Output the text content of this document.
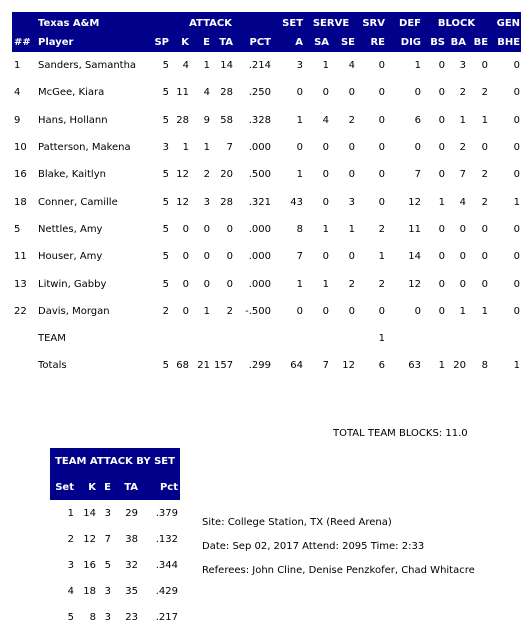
	Texas A&M	ATTACK					SET	SERVE		SRV	DEF	BLOCK			GEN
##	Player	SP	K	E	TA	PCT	A	SA	SE	RE	DIG	BS	BA	BE	BHE
1	Sanders, Samantha	5	4	1	14	.214	3	1	4	0	1	0	3	0	0
4	McGee, Kiara	5	11	4	28	.250	0	0	0	0	0	0	2	2	0
9	Hans, Hollann	5	28	9	58	.328	1	4	2	0	6	0	1	1	0
10	Patterson, Makena	3	1	1	7	.000	0	0	0	0	0	0	2	0	0
16	Blake, Kaitlyn	5	12	2	20	.500	1	0	0	0	7	0	7	2	0
18	Conner, Camille	5	12	3	28	.321	43	0	3	0	12	1	4	2	1
5	Nettles, Amy	5	0	0	0	.000	8	1	1	2	11	0	0	0	0
11	Houser, Amy	5	0	0	0	.000	7	0	0	1	14	0	0	0	0
13	Litwin, Gabby	5	0	0	0	.000	1	1	2	2	12	0	0	0	0
22	Davis, Morgan	2	0	1	2	-.500	0	0	0	0	0	0	1	1	0
	TEAM									1					
	Totals	5	68	21	157	.299	64	7	12	6	63	1	20	8	1
TOTAL TEAM BLOCKS: 11.0
TEAM ATTACK BY SET				
Set	K	E	TA	Pct
1	14	3	29	.379
2	12	7	38	.132
3	16	5	32	.344
4	18	3	35	.429
5	8	3	23	.217
Site: College Station, TX (Reed Arena)
Date: Sep 02, 2017 Attend: 2095 Time: 2:33
Referees: John Cline, Denise Penzkofer, Chad Whitacre
